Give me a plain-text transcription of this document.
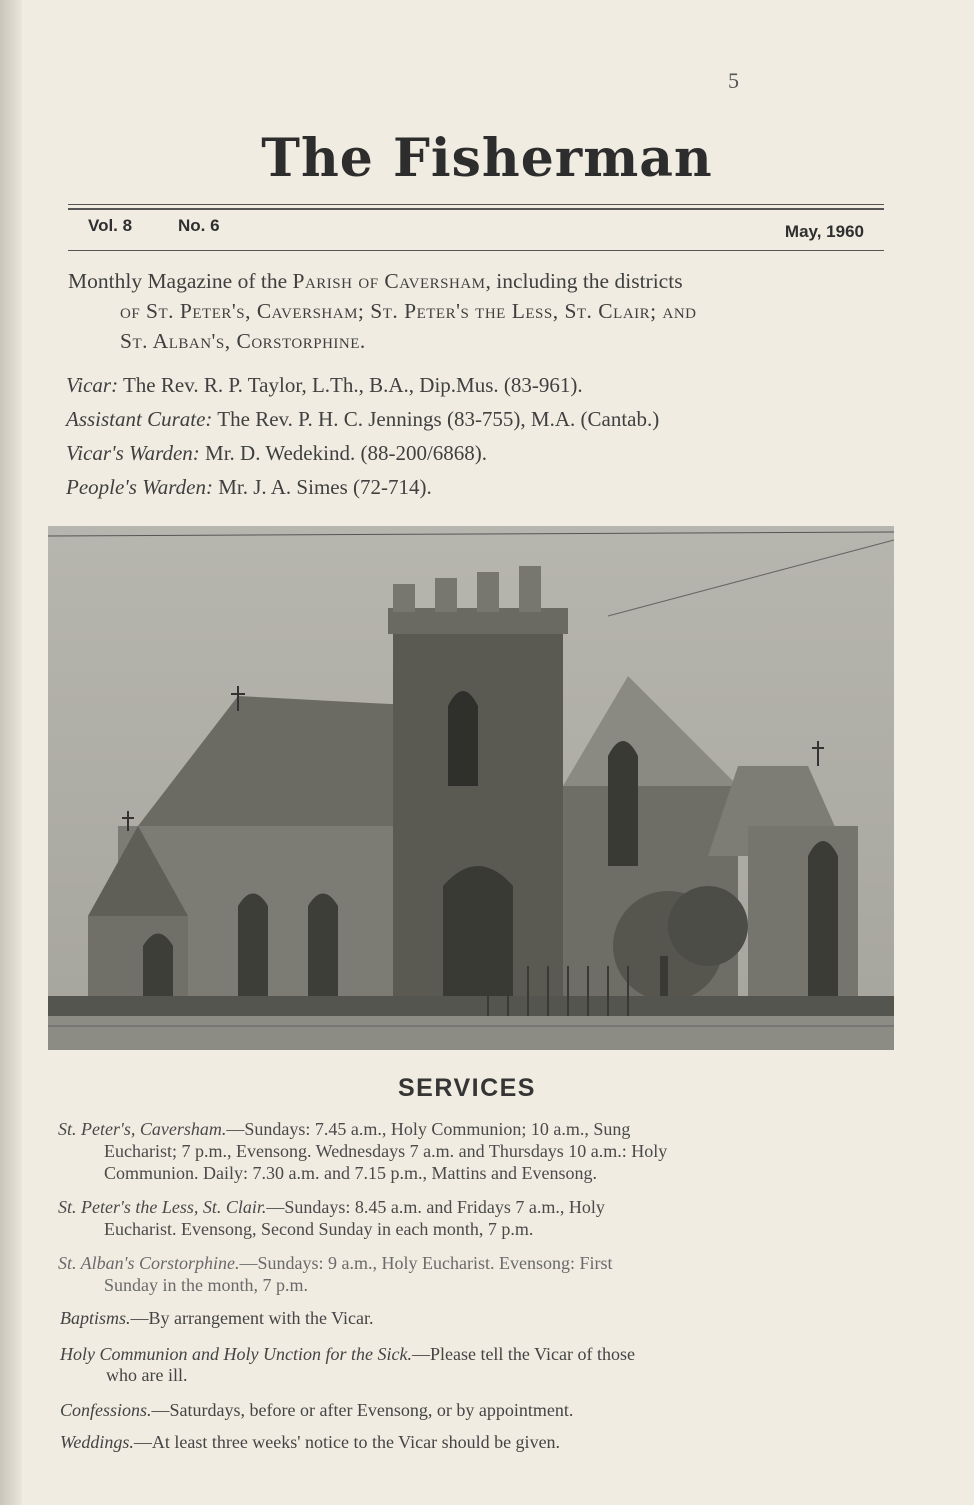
5
The Fisherman
Vol. 8	No. 6	May, 1960
Monthly Magazine of the Parish of Caversham, including the districts
of St. Peter's, Caversham; St. Peter's the Less, St. Clair; and
St. Alban's, Corstorphine.
Vicar: The Rev. R. P. Taylor, L.Th., B.A., Dip.Mus. (83-961).
Assistant Curate: The Rev. P. H. C. Jennings (83-755), M.A. (Cantab.)
Vicar's Warden: Mr. D. Wedekind. (88-200/6868).
People's Warden: Mr. J. A. Simes (72-714).
SERVICES
St. Peter's, Caversham.—Sundays: 7.45 a.m., Holy Communion; 10 a.m., Sung
Eucharist; 7 p.m., Evensong. Wednesdays 7 a.m. and Thursdays 10 a.m.: Holy
Communion. Daily: 7.30 a.m. and 7.15 p.m., Mattins and Evensong.
St. Peter's the Less, St. Clair.—Sundays: 8.45 a.m. and Fridays 7 a.m., Holy
Eucharist. Evensong, Second Sunday in each month, 7 p.m.
St. Alban's Corstorphine.—Sundays: 9 a.m., Holy Eucharist. Evensong: First
Sunday in the month, 7 p.m.
Baptisms.—By arrangement with the Vicar.
Holy Communion and Holy Unction for the Sick.—Please tell the Vicar of those
who are ill.
Confessions.—Saturdays, before or after Evensong, or by appointment.
Weddings.—At least three weeks' notice to the Vicar should be given.
